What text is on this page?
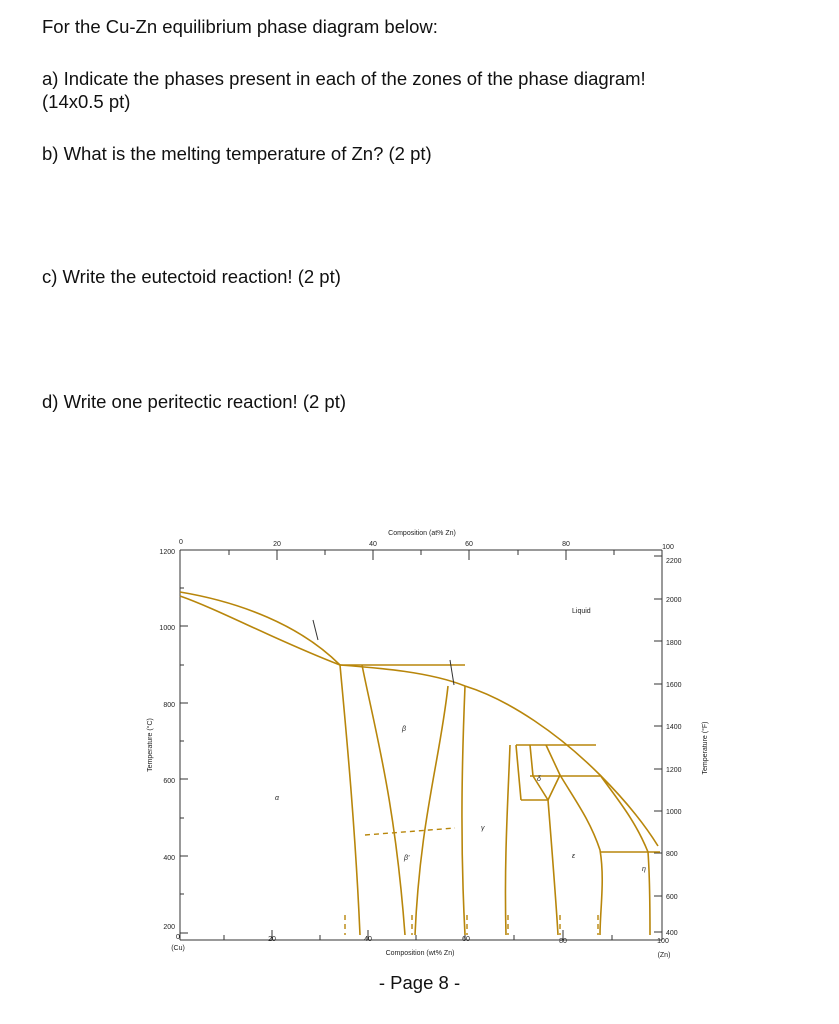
For the Cu-Zn equilibrium phase diagram below:

a) Indicate the phases present in each of the zones of the phase diagram!

(14x0.5 pt)

b) What is the melting temperature of Zn? (2 pt)

c) Write the eutectoid reaction! (2 pt)

d) Write one peritectic reaction! (2 pt)

1200
1000
800
600
400
200
Temperature (°C)
2200
2000
1800
1600
1400
1200
1000
800
600
400
Temperature (°F)
Composition (at% Zn)
0	20	40	60	80	100
0	20	40	60	80	100
(Cu)
(Zn)
Composition (wt% Zn)
Liquid
α
β
β'
γ
δ
ε
η
- Page 8 -
